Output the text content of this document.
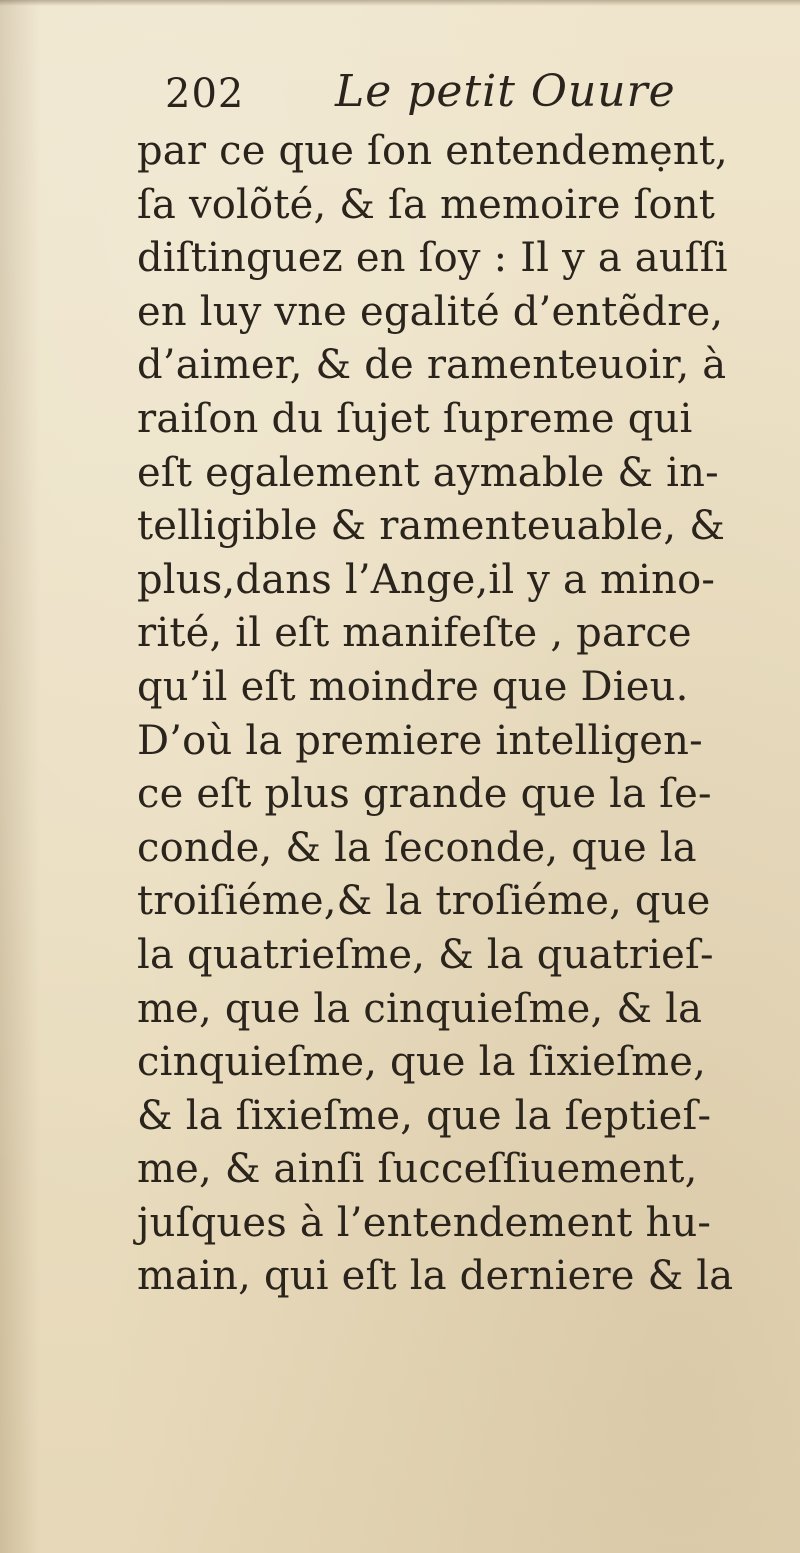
202 Le petit Ouure
par ce que ſon entendemẹnt,
ſa volõté, & ſa memoire ſont
diſtinguez en ſoy : Il y a auſſi
en luy vne egalité d’entẽdre,
d’aimer, & de ramenteuoir, à
raiſon du ſujet ſupreme qui
eſt egalement aymable & in-
telligible & ramenteuable, &
plus,dans l’Ange,il y a mino-
rité, il eſt manifeſte , parce
qu’il eſt moindre que Dieu.
D’où la premiere intelligen-
ce eſt plus grande que la ſe-
conde, & la ſeconde, que la
troiſiéme,& la troſiéme, que
la quatrieſme, & la quatrieſ-
me, que la cinquieſme, & la
cinquieſme, que la ſixieſme,
& la ſixieſme, que la ſeptieſ-
me, & ainſi ſucceſſiuement,
juſques à l’entendement hu-
main, qui eſt la derniere & la
